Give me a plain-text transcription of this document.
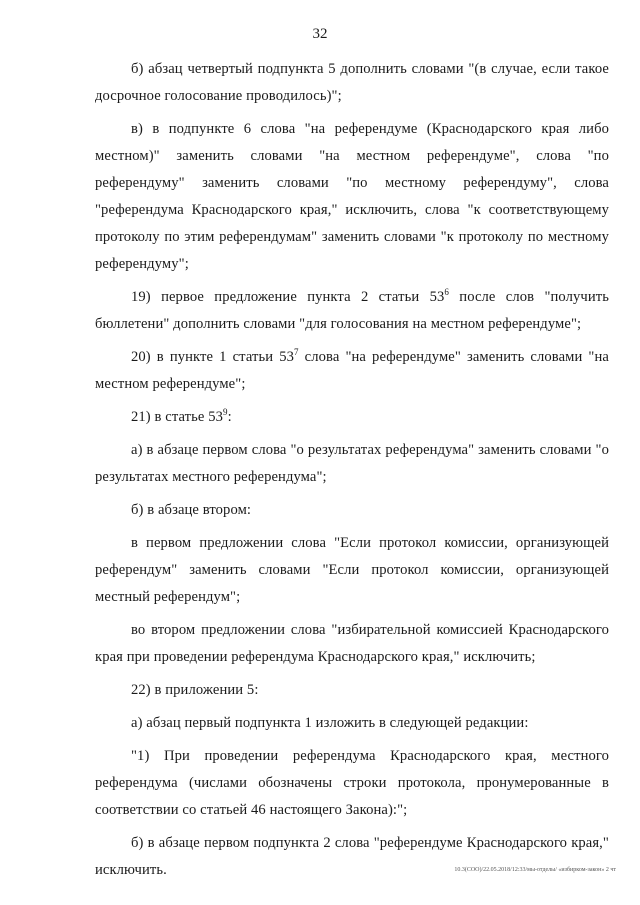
32

б) абзац четвертый подпункта 5 дополнить словами "(в случае, если такое досрочное голосование проводилось)";

в) в подпункте 6 слова "на референдуме (Краснодарского края либо местном)" заменить словами "на местном референдуме", слова "по референдуму" заменить словами "по местному референдуму", слова "референдума Краснодарского края," исключить, слова "к соответствующему протоколу по этим референдумам" заменить словами "к протоколу по местному референдуму";

19) первое предложение пункта 2 статьи $53^6$ после слов "получить бюллетени" дополнить словами "для голосования на местном референдуме";

20) в пункте 1 статьи $53^7$ слова "на референдуме" заменить словами "на местном референдуме";

21) в статье $53^9$:

а) в абзаце первом слова "о результатах референдума" заменить словами "о результатах местного референдума";

б) в абзаце втором:

в первом предложении слова "Если протокол комиссии, организующей референдум" заменить словами "Если протокол комиссии, организующей местный референдум";

во втором предложении слова "избирательной комиссией Краснодарского края при проведении референдума Краснодарского края," исключить;

22) в приложении 5:

а) абзац первый подпункта 1 изложить в следующей редакции:

"1) При проведении референдума Краснодарского края, местного референдума (числами обозначены строки протокола, пронумерованные в соответствии со статьей 46 настоящего Закона):";

б) в абзаце первом подпункта 2 слова "референдуме Краснодарского края," исключить.	10.3(СОО)/22.05.2018/12:33/мы-отделы/ «избирком-закон» 2 чт
